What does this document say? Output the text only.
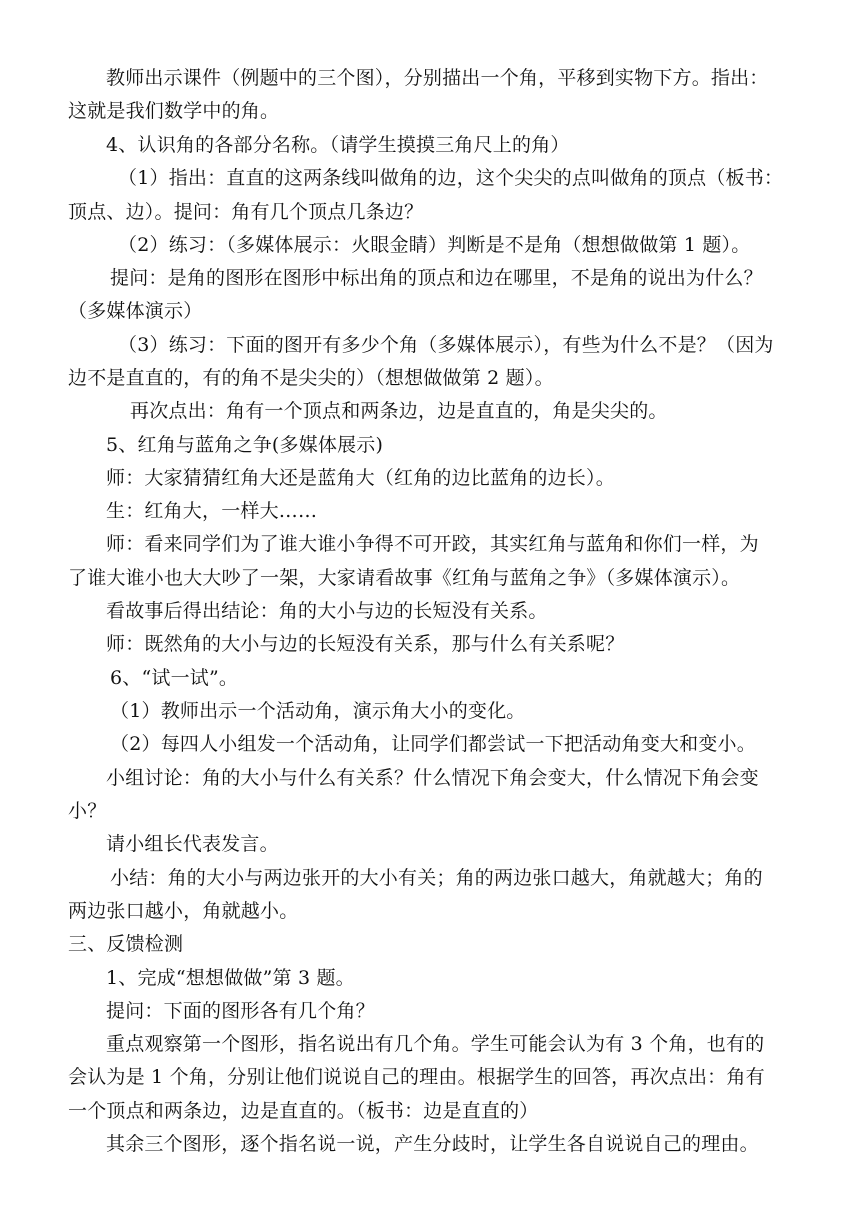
教师出示课件（例题中的三个图），分别描出一个角，平移到实物下方。指出：
这就是我们数学中的角。
4、认识角的各部分名称。（请学生摸摸三角尺上的角）
（1）指出：直直的这两条线叫做角的边，这个尖尖的点叫做角的顶点（板书：
顶点、边）。提问：角有几个顶点几条边？
（2）练习：（多媒体展示：火眼金睛）判断是不是角（想想做做第 1 题）。
提问：是角的图形在图形中标出角的顶点和边在哪里，不是角的说出为什么？
（多媒体演示）
（3）练习：下面的图开有多少个角（多媒体展示），有些为什么不是？（因为
边不是直直的，有的角不是尖尖的）（想想做做第 2 题）。
再次点出：角有一个顶点和两条边，边是直直的，角是尖尖的。
5、红角与蓝角之争(多媒体展示)
师：大家猜猜红角大还是蓝角大（红角的边比蓝角的边长）。
生：红角大，一样大……
师：看来同学们为了谁大谁小争得不可开跤，其实红角与蓝角和你们一样，为
了谁大谁小也大大吵了一架，大家请看故事《红角与蓝角之争》（多媒体演示）。
看故事后得出结论：角的大小与边的长短没有关系。
师：既然角的大小与边的长短没有关系，那与什么有关系呢？
6、“试一试”。
（1）教师出示一个活动角，演示角大小的变化。
（2）每四人小组发一个活动角，让同学们都尝试一下把活动角变大和变小。
小组讨论：角的大小与什么有关系？什么情况下角会变大，什么情况下角会变
小？
请小组长代表发言。
小结：角的大小与两边张开的大小有关；角的两边张口越大，角就越大；角的
两边张口越小，角就越小。
三、反馈检测
1、完成“想想做做”第 3 题。
提问：下面的图形各有几个角？
重点观察第一个图形，指名说出有几个角。学生可能会认为有 3 个角，也有的
会认为是 1 个角，分别让他们说说自己的理由。根据学生的回答，再次点出：角有
一个顶点和两条边，边是直直的。（板书：边是直直的）
其余三个图形，逐个指名说一说，产生分歧时，让学生各自说说自己的理由。
